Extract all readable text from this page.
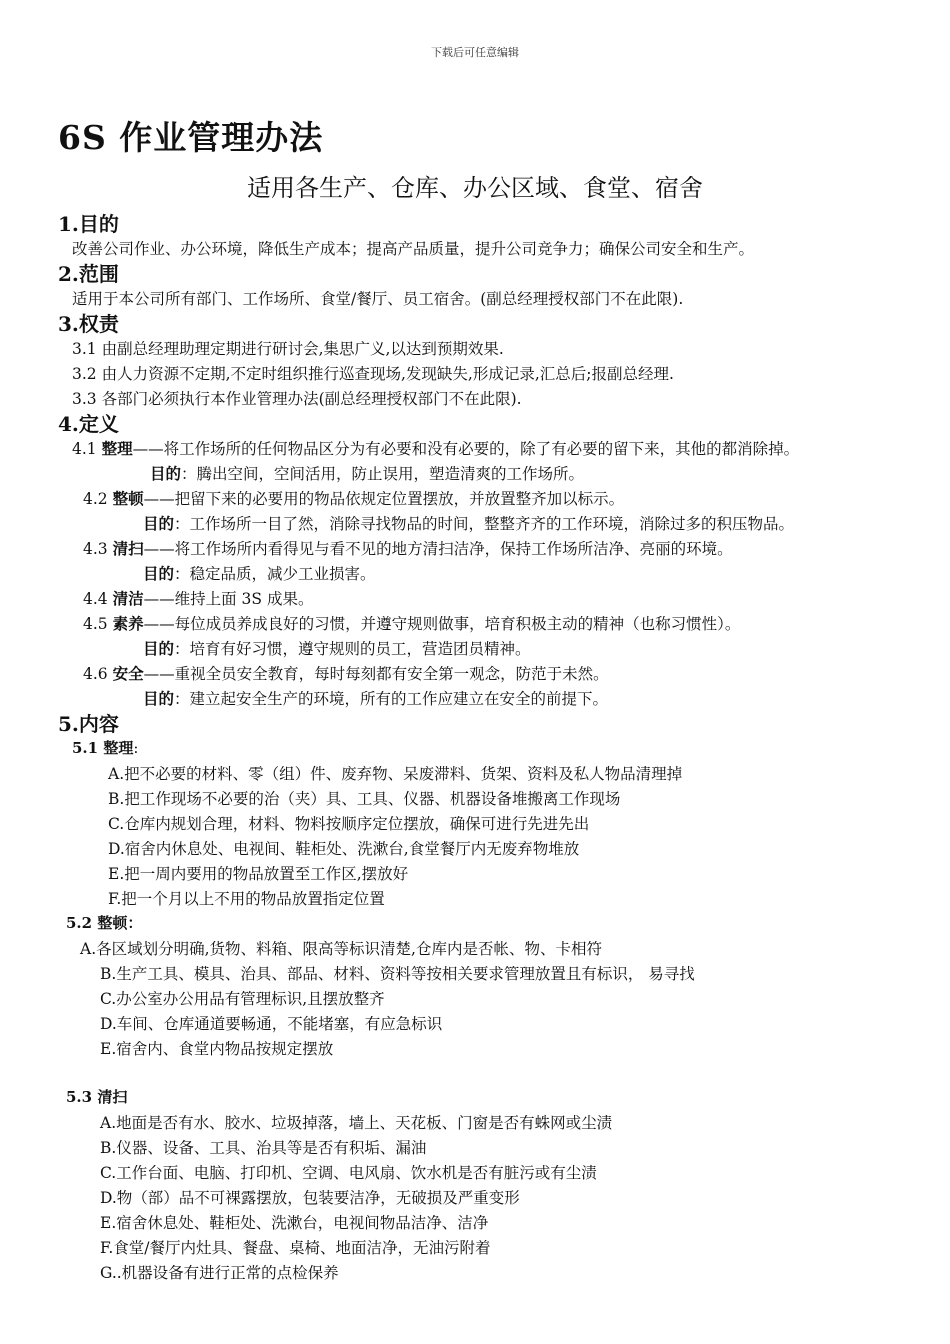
下载后可任意编辑
6S 作业管理办法
适用各生产、仓库、办公区域、食堂、宿舍
1.目的
改善公司作业、办公环境，降低生产成本；提高产品质量，提升公司竞争力；确保公司安全和生产。
2.范围
适用于本公司所有部门、工作场所、食堂/餐厅、员工宿舍。(副总经理授权部门不在此限).
3.权责
3.1 由副总经理助理定期进行研讨会,集思广义,以达到预期效果.
3.2 由人力资源不定期,不定时组织推行巡查现场,发现缺失,形成记录,汇总后;报副总经理.
3.3 各部门必须执行本作业管理办法(副总经理授权部门不在此限).
4.定义
4.1 整理——将工作场所的任何物品区分为有必要和没有必要的，除了有必要的留下来，其他的都消除掉。
目的：腾出空间，空间活用，防止误用，塑造清爽的工作场所。
4.2 整顿——把留下来的必要用的物品依规定位置摆放，并放置整齐加以标示。
目的：工作场所一目了然，消除寻找物品的时间，整整齐齐的工作环境，消除过多的积压物品。
4.3 清扫——将工作场所内看得见与看不见的地方清扫洁净，保持工作场所洁净、亮丽的环境。
目的：稳定品质，减少工业损害。
4.4 清洁——维持上面 3S 成果。
4.5 素养——每位成员养成良好的习惯，并遵守规则做事，培育积极主动的精神（也称习惯性）。
目的：培育有好习惯，遵守规则的员工，营造团员精神。
4.6 安全——重视全员安全教育，每时每刻都有安全第一观念，防范于未然。
目的：建立起安全生产的环境，所有的工作应建立在安全的前提下。
5.内容
5.1 整理:
A.把不必要的材料、零（组）件、废弃物、呆废滞料、货架、资料及私人物品清理掉
B.把工作现场不必要的治（夹）具、工具、仪器、机器设备堆搬离工作现场
C.仓库内规划合理，材料、物料按顺序定位摆放，确保可进行先进先出
D.宿舍内休息处、电视间、鞋柜处、洗漱台,食堂餐厅内无废弃物堆放
E.把一周内要用的物品放置至工作区,摆放好
F.把一个月以上不用的物品放置指定位置
5.2 整顿：
A.各区域划分明确,货物、料箱、限高等标识清楚,仓库内是否帐、物、卡相符
B.生产工具、模具、治具、部品、材料、资料等按相关要求管理放置且有标识， 易寻找
C.办公室办公用品有管理标识,且摆放整齐
D.车间、仓库通道要畅通，不能堵塞，有应急标识
E.宿舍内、食堂内物品按规定摆放
5.3 清扫
A.地面是否有水、胶水、垃圾掉落，墙上、天花板、门窗是否有蛛网或尘渍
B.仪器、设备、工具、治具等是否有积垢、漏油
C.工作台面、电脑、打印机、空调、电风扇、饮水机是否有脏污或有尘渍
D.物（部）品不可裸露摆放，包装要洁净，无破损及严重变形
E.宿舍休息处、鞋柜处、洗漱台，电视间物品洁净、洁净
F.食堂/餐厅内灶具、餐盘、桌椅、地面洁净，无油污附着
G..机器设备有进行正常的点检保养
